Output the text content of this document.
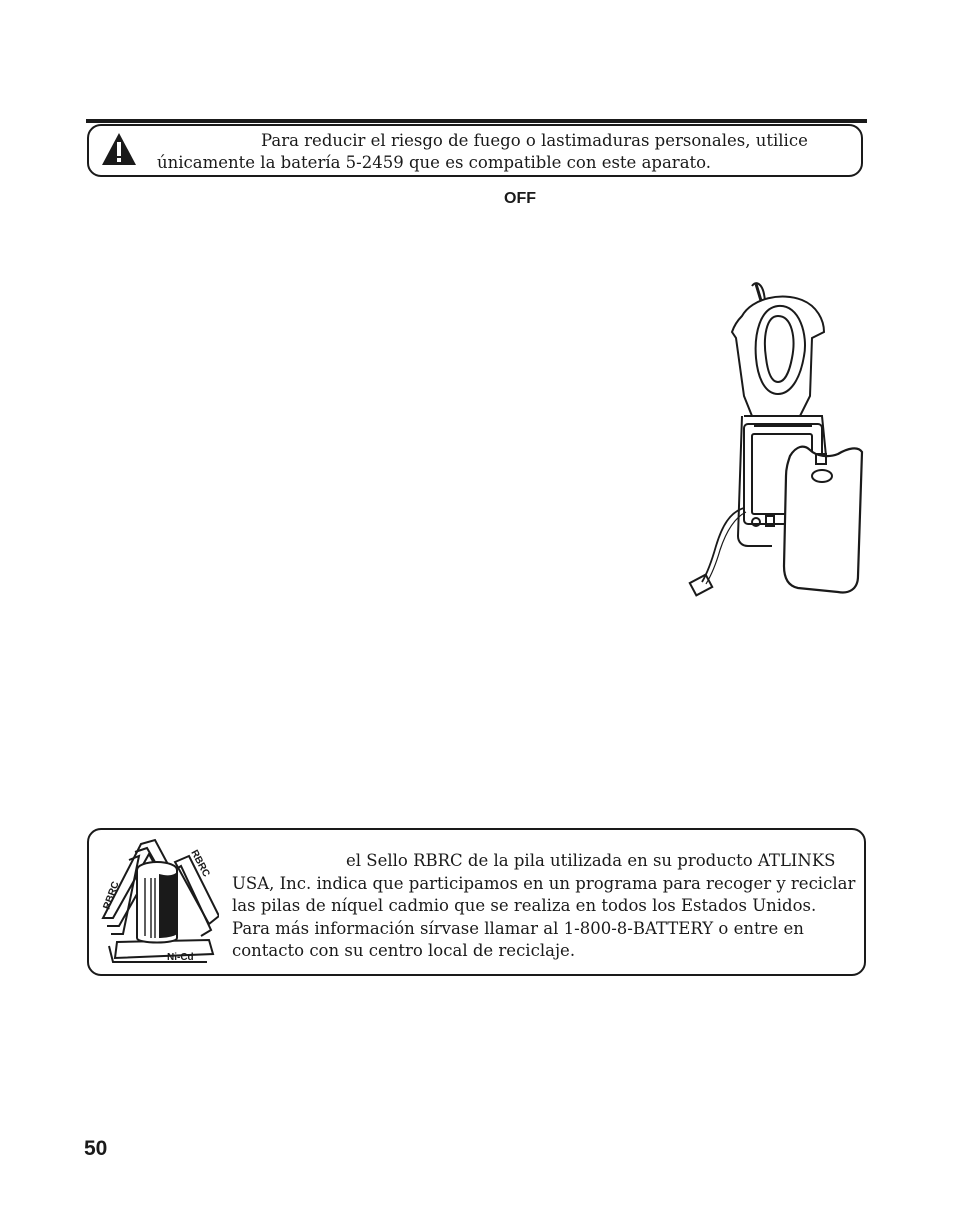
Para reducir el riesgo de fuego o lastimaduras personales, utilice
únicamente la batería 5-2459 que es compatible con este aparato.
OFF
RBRC
RBRC
Ni-Cd
el Sello RBRC de la pila utilizada en su producto ATLINKS
USA, Inc. indica que participamos en un programa para recoger y reciclar
las pilas de níquel cadmio que se realiza en todos los Estados Unidos.
Para más información sírvase llamar al 1-800-8-BATTERY o entre en
contacto con su centro local de reciclaje.
50
